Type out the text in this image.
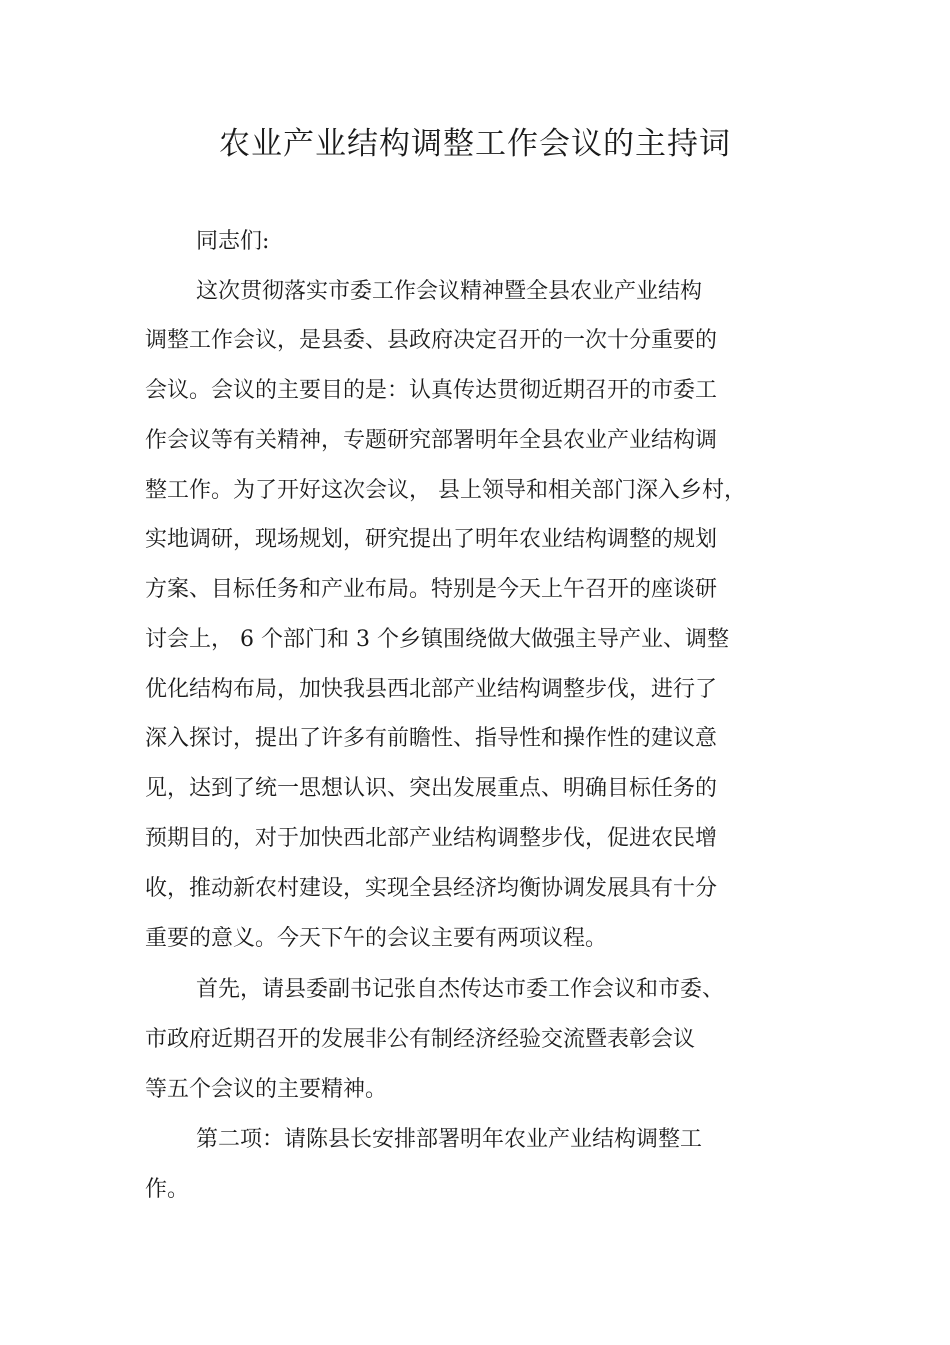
农业产业结构调整工作会议的主持词

同志们:

这次贯彻落实市委工作会议精神暨全县农业产业结构

调整工作会议，是县委、县政府决定召开的一次十分重要的

会议。会议的主要目的是：认真传达贯彻近期召开的市委工

作会议等有关精神，专题研究部署明年全县农业产业结构调

整工作。为了开好这次会议， 县上领导和相关部门深入乡村，

实地调研，现场规划，研究提出了明年农业结构调整的规划

方案、目标任务和产业布局。特别是今天上午召开的座谈研

讨会上， 6 个部门和 3 个乡镇围绕做大做强主导产业、调整

优化结构布局，加快我县西北部产业结构调整步伐，进行了

深入探讨，提出了许多有前瞻性、指导性和操作性的建议意

见，达到了统一思想认识、突出发展重点、明确目标任务的

预期目的，对于加快西北部产业结构调整步伐，促进农民增

收，推动新农村建设，实现全县经济均衡协调发展具有十分

重要的意义。今天下午的会议主要有两项议程。

首先，请县委副书记张自杰传达市委工作会议和市委、

市政府近期召开的发展非公有制经济经验交流暨表彰会议

等五个会议的主要精神。

第二项：请陈县长安排部署明年农业产业结构调整工

作。
